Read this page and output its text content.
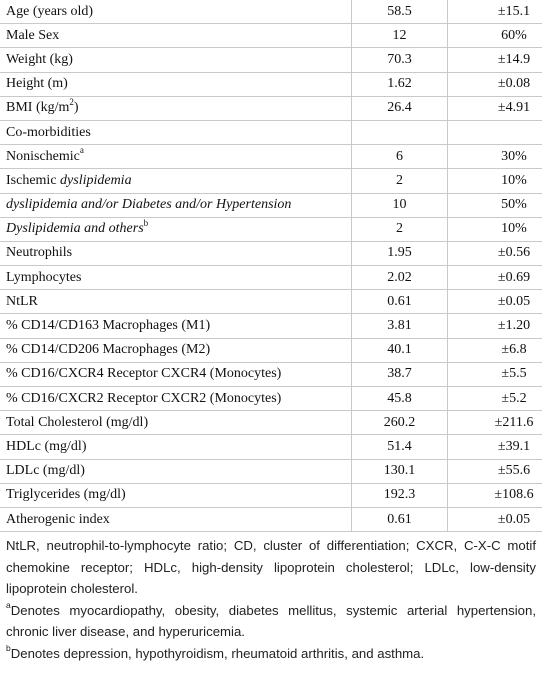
Age (years old)	58.5	±15.1
Male Sex	12	60%
Weight (kg)	70.3	±14.9
Height (m)	1.62	±0.08
BMI $(kg/m^2)$	26.4	±4.91
Co-morbidities		
Nonischemic$^a$	6	30%
Ischemic dyslipidemia	2	10%
dyslipidemia and/or Diabetes and/or Hypertension	10	50%
Dyslipidemia and others$^b$	2	10%
Neutrophils	1.95	±0.56
Lymphocytes	2.02	±0.69
NtLR	0.61	±0.05
% CD14/CD163 Macrophages (M1)	3.81	±1.20
% CD14/CD206 Macrophages (M2)	40.1	±6.8
% CD16/CXCR4 Receptor CXCR4 (Monocytes)	38.7	±5.5
% CD16/CXCR2 Receptor CXCR2 (Monocytes)	45.8	±5.2
Total Cholesterol (mg/dl)	260.2	±211.6
HDLc (mg/dl)	51.4	±39.1
LDLc (mg/dl)	130.1	±55.6
Triglycerides (mg/dl)	192.3	±108.6
Atherogenic index	0.61	±0.05

NtLR, neutrophil-to-lymphocyte ratio; CD, cluster of differentiation; CXCR, C-X-C motif chemokine receptor; HDLc, high-density lipoprotein cholesterol; LDLc, low-density lipoprotein cholesterol.

$^a$Denotes myocardiopathy, obesity, diabetes mellitus, systemic arterial hypertension, chronic liver disease, and hyperuricemia.

$^b$Denotes depression, hypothyroidism, rheumatoid arthritis, and asthma.
